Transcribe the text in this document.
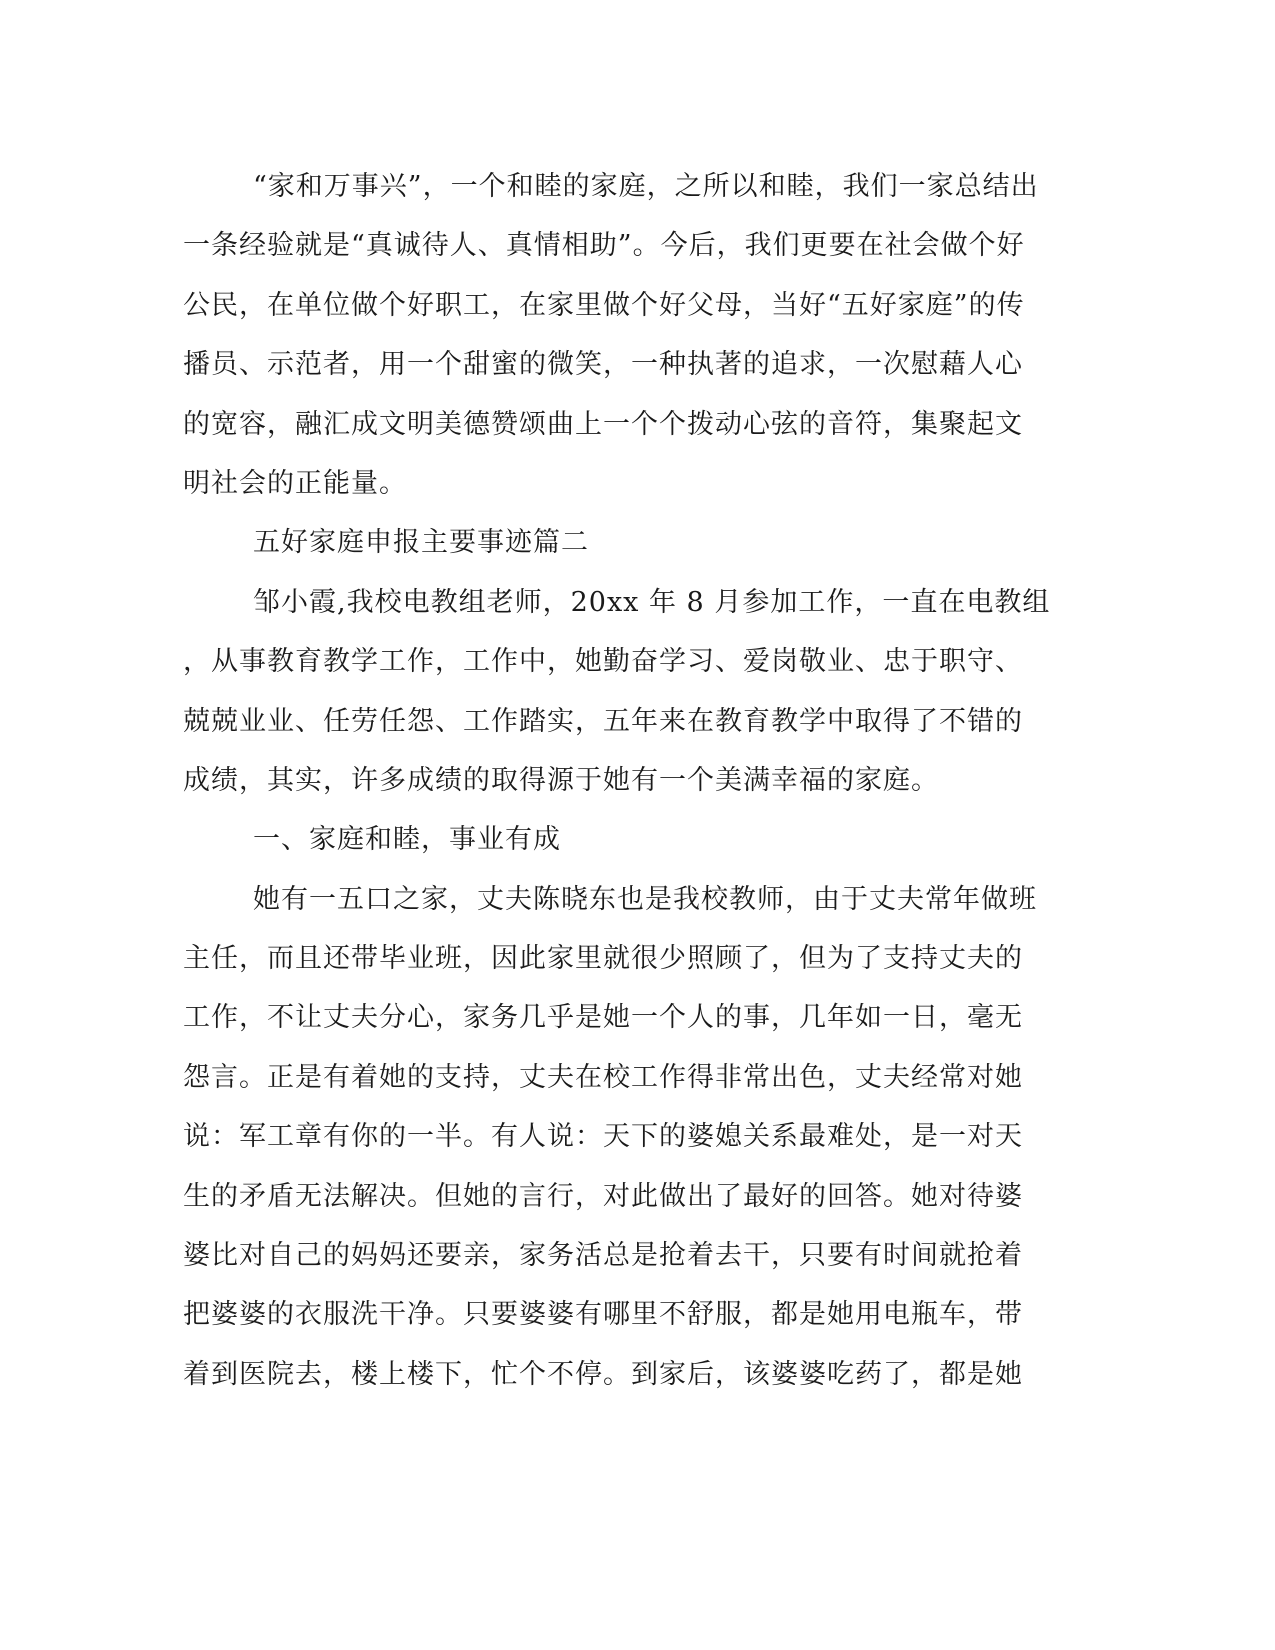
“家和万事兴”，一个和睦的家庭，之所以和睦，我们一家总结出
一条经验就是“真诚待人、真情相助”。今后，我们更要在社会做个好
公民，在单位做个好职工，在家里做个好父母，当好“五好家庭”的传
播员、示范者，用一个甜蜜的微笑，一种执著的追求，一次慰藉人心
的宽容，融汇成文明美德赞颂曲上一个个拨动心弦的音符，集聚起文
明社会的正能量。
五好家庭申报主要事迹篇二
邹小霞,我校电教组老师，20xx 年 8 月参加工作，一直在电教组
，从事教育教学工作，工作中，她勤奋学习、爱岗敬业、忠于职守、
兢兢业业、任劳任怨、工作踏实，五年来在教育教学中取得了不错的
成绩，其实，许多成绩的取得源于她有一个美满幸福的家庭。
一、家庭和睦，事业有成
她有一五口之家，丈夫陈晓东也是我校教师，由于丈夫常年做班
主任，而且还带毕业班，因此家里就很少照顾了，但为了支持丈夫的
工作，不让丈夫分心，家务几乎是她一个人的事，几年如一日，毫无
怨言。正是有着她的支持，丈夫在校工作得非常出色，丈夫经常对她
说：军工章有你的一半。有人说：天下的婆媳关系最难处，是一对天
生的矛盾无法解决。但她的言行，对此做出了最好的回答。她对待婆
婆比对自己的妈妈还要亲，家务活总是抢着去干，只要有时间就抢着
把婆婆的衣服洗干净。只要婆婆有哪里不舒服，都是她用电瓶车，带
着到医院去，楼上楼下，忙个不停。到家后，该婆婆吃药了，都是她
